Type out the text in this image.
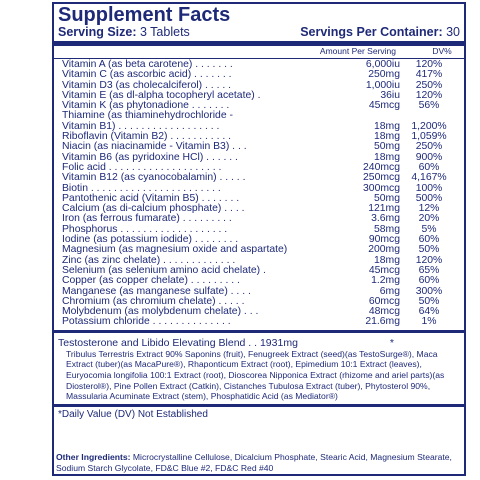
Supplement Facts
Serving Size: 3 Tablets	Servings Per Container: 30
Amount Per Serving	DV%
Vitamin A (as beta carotene) . . . . . . .	6,000iu	120%
Vitamin C (as ascorbic acid) . . . . . . .	250mg	417%
Vitamin D3 (as cholecalciferol) . . . . .	1,000iu	250%
Vitamin E (as dl-alpha tocopheryl acetate) .	36iu	120%
Vitamin K (as phytonadione . . . . . . .	45mcg	56%
Thiamine (as thiaminehydrochloride -
Vitamin B1) . . . . . . . . . . . . . . . . . .	18mg	1,200%
Riboflavin (Vitamin B2) . . . . . . . . . . .	18mg	1,059%
Niacin (as niacinamide - Vitamin B3) . . .	50mg	250%
Vitamin B6 (as pyridoxine HCl) . . . . . .	18mg	900%
Folic acid . . . . . . . . . . . . . . . . . . . .	240mcg	60%
Vitamin B12 (as cyanocobalamin) . . . . .	250mcg	4,167%
Biotin . . . . . . . . . . . . . . . . . . . . . . .	300mcg	100%
Pantothenic acid (Vitamin B5) . . . . . . .	50mg	500%
Calcium (as di-calcium phosphate) . . . .	121mg	12%
Iron (as ferrous fumarate) . . . . . . . . .	3.6mg	20%
Phosphorus . . . . . . . . . . . . . . . . . . .	58mg	5%
Iodine (as potassium iodide) . . . . . . . .	90mcg	60%
Magnesium (as magnesium oxide and aspartate)	200mg	50%
Zinc (as zinc chelate) . . . . . . . . . . . . .	18mg	120%
Selenium (as selenium amino acid chelate) .	45mcg	65%
Copper (as copper chelate) . . . . . . . . .	1.2mg	60%
Manganese (as manganese sulfate) . . . .	6mg	300%
Chromium (as chromium chelate) . . . . .	60mcg	50%
Molybdenum (as molybdenum chelate) . . .	48mcg	64%
Potassium chloride . . . . . . . . . . . . . .	21.6mg	1%
Testosterone and Libido Elevating Blend . . 1931mg	*
Tribulus Terrestris Extract 90% Saponins (fruit), Fenugreek Extract (seed)(as TestoSurge®), Maca Extract (tuber)(as MacaPure®), Rhaponticum Extract (root), Epimedium 10:1 Extract (leaves), Euryocomia longifolia 100:1 Extract (root), Dioscorea Nipponica Extract (rhizome and ariel parts)(as Diosterol®), Pine Pollen Extract (Catkin), Cistanches Tubulosa Extract (tuber), Phytosterol 90%, Massularia Acuminate Extract (stem), Phosphatidic Acid (as Mediator®)
*Daily Value (DV) Not Established
Other Ingredients: Microcrystalline Cellulose, Dicalcium Phosphate, Stearic Acid, Magnesium Stearate, Sodium Starch Glycolate, FD&C Blue #2, FD&C Red #40
